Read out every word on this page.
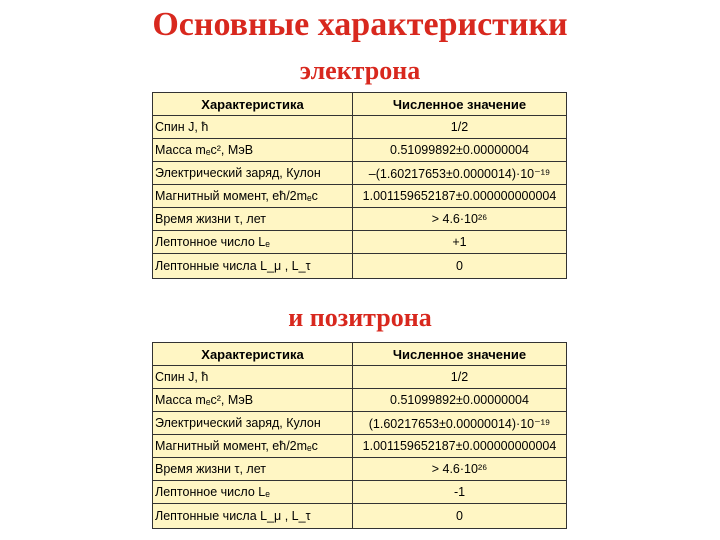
Основные характеристики
электрона
Характеристика	Численное значение
Спин J, ħ	1/2
Масса mₑc², МэВ	0.51099892±0.00000004
Электрический заряд, Кулон	–(1.60217653±0.0000014)·10⁻¹⁹
Магнитный момент, eħ/2mₑc	1.001159652187±0.000000000004
Время жизни τ, лет	> 4.6·10²⁶
Лептонное число Lₑ	+1
Лептонные числа L_μ , L_τ	0
и позитрона
Характеристика	Численное значение
Спин J, ħ	1/2
Масса mₑc², МэВ	0.51099892±0.00000004
Электрический заряд, Кулон	(1.60217653±0.00000014)·10⁻¹⁹
Магнитный момент, eħ/2mₑc	1.001159652187±0.000000000004
Время жизни τ, лет	> 4.6·10²⁶
Лептонное число Lₑ	-1
Лептонные числа L_μ , L_τ	0
